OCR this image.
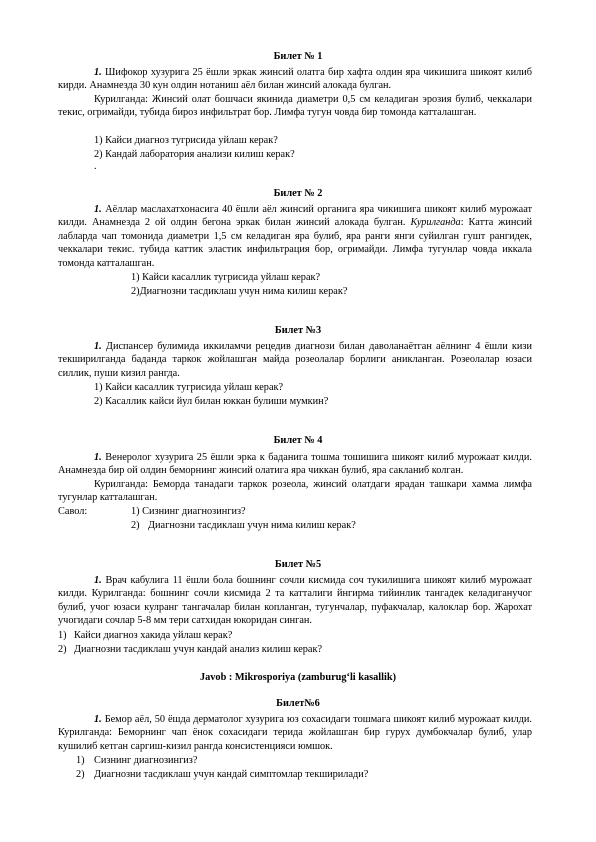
Билет № 1
1. Шифокор хузурига 25 ёшли эркак жинсий олатга бир хафта олдин яра чикишига шикоят килиб кирди. Анамнезда 30 кун олдин нотаниш аёл билан жинсий алокада булган.
Курилганда: Жинсий олат бошчаси якинида диаметри 0,5 см келадиган эрозия булиб, чеккалари текис, огримайди, тубида бироз инфильтрат бор. Лимфа тугун човда бир томонда катталашган.
1) Кайси диагноз тугрисида уйлаш керак?
2) Кандай лаборатория анализи килиш керак?
.
Билет № 2
1. Аёллар маслахатхонасига 40 ёшли аёл жинсий органига яра чикишига шикоят килиб мурожаат килди. Анамнезда 2 ой олдин бегона эркак билан жинсий алокада булган. Курилганда: Катта жинсий лабларда чап томонида диаметри 1,5 см келадиган яра булиб, яра ранги янги суйилган гушт рангидек, чеккалари текис. тубида каттик эластик инфильтрация бор, огримайди. Лимфа тугунлар човда иккала томонда катталашган.
1) Кайси касаллик тугрисида уйлаш керак?
2)Диагнозни тасдиклаш учун нима килиш керак?
Билет №3
1. Диспансер булимида иккиламчи рецедив диагнози билан даволанаётган аёлнинг 4 ёшли кизи текширилганда баданда таркок жойлашган майда розеолалар борлиги аникланган. Розеолалар юзаси силлик, пуши кизил рангда.
1) Кайси касаллик тугрисида уйлаш керак?
2) Касаллик кайси йул билан юккан булиши мумкин?
Билет № 4
1. Венеролог хузурига 25 ёшли эрка к баданига тошма тошишига шикоят килиб мурожаат килди. Анамнезда бир ой олдин беморнинг жинсий олатига яра чиккан булиб, яра сакланиб колган.
Курилганда: Беморда танадаги таркок розеола, жинсий олатдаги ярадан ташкари хамма лимфа тугунлар катталашган.
Савол:	1) Сизнинг диагнозингиз?
2) Диагнозни тасдиклаш учун нима килиш керак?
Билет №5
1. Врач кабулига 11 ёшли бола бошнинг сочли кисмида соч тукилишига шикоят килиб мурожаат килди. Курилганда: бошнинг сочли кисмида 2 та катталиги йнгирма тийинлик тангадек келадиганучог булиб, учог юзаси кулранг тангачалар билан копланган, тугунчалар, пуфакчалар, калоклар бор. Жарохат учогидаги сочлар 5-8 мм тери сатхидан юкоридан синган.
1) Кайси диагноз хакида уйлаш керак?
2) Диагнозни тасдиклаш учун кандай анализ килиш керак?
Javob : Mikrosporiya (zamburug‘li kasallik)
Билет№6
1. Бемор аёл, 50 ёшда дерматолог хузурига юз сохасидаги тошмага шикоят килиб мурожаат килди. Курилганда: Беморнинг чап ёнок сохасидаги терида жойлашган бир гурух думбокчалар булиб, улар кушилиб кетган саргиш-кизил рангда консистенцияси юмшок.
1) Сизнинг диагнозингиз?
2) Диагнозни тасдиклаш учун кандай симптомлар текширилади?
